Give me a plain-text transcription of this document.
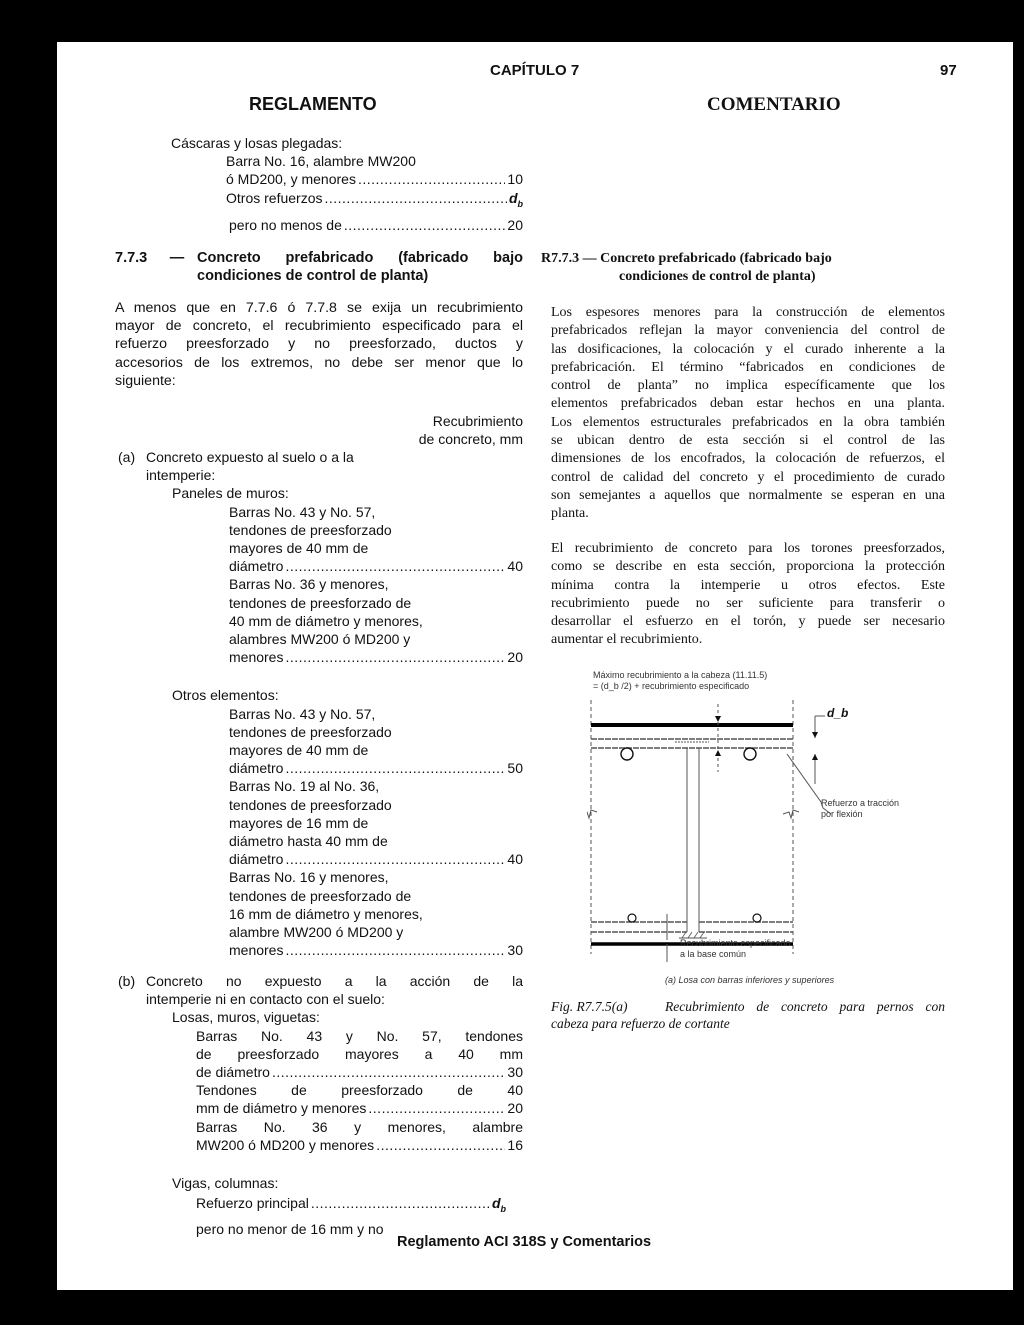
CAPÍTULO 7	97
REGLAMENTO	COMENTARIO
Cáscaras y losas plegadas:
Barra No. 16, alambre MW200
ó MD200, y menores .....	10
Otros refuerzos .....	$d_b$
pero no menos de .....	20
7.7.3	— Concreto prefabricado (fabricado bajo
condiciones de control de planta)
A menos que en 7.7.6 ó 7.7.8 se exija un recubrimiento
mayor de concreto, el recubrimiento especificado para el
refuerzo preesforzado y no preesforzado, ductos y
accesorios de los extremos, no debe ser menor que lo
siguiente:
Recubrimiento
de concreto, mm
(a) Concreto expuesto al suelo o a la
intemperie:
Paneles de muros:
Barras No. 43 y No. 57,
tendones de preesforzado
mayores de 40 mm de
diámetro .....	40
Barras No. 36 y menores,
tendones de preesforzado de
40 mm de diámetro y menores,
alambres MW200 ó MD200 y
menores .....	20
Otros elementos:
Barras No. 43 y No. 57,
tendones de preesforzado
mayores de 40 mm de
diámetro .....	50
Barras No. 19 al No. 36,
tendones de preesforzado
mayores de 16 mm de
diámetro hasta 40 mm de
diámetro .....	40
Barras No. 16 y menores,
tendones de preesforzado de
16 mm de diámetro y menores,
alambre MW200 ó MD200 y
menores .....	30
(b) Concreto no expuesto a la acción de la
intemperie ni en contacto con el suelo:
Losas, muros, viguetas:
Barras No. 43 y No. 57, tendones
de preesforzado mayores a 40 mm
de diámetro .....	30
Tendones de preesforzado de 40
mm de diámetro y menores .....	20
Barras No. 36 y menores, alambre
MW200 ó MD200 y menores .....	16
Vigas, columnas:
Refuerzo principal .....	$d_b$
pero no menor de 16 mm y no
R7.7.3 — Concreto prefabricado (fabricado bajo
condiciones de control de planta)
Los espesores menores para la construcción de elementos
prefabricados reflejan la mayor conveniencia del control de
las dosificaciones, la colocación y el curado inherente a la
prefabricación. El término “fabricados en condiciones de
control de planta” no implica específicamente que los
elementos prefabricados deban estar hechos en una planta.
Los elementos estructurales prefabricados en la obra también
se ubican dentro de esta sección si el control de las
dimensiones de los encofrados, la colocación de refuerzos, el
control de calidad del concreto y el procedimiento de curado
son semejantes a aquellos que normalmente se esperan en una
planta.
El recubrimiento de concreto para los torones preesforzados,
como se describe en esta sección, proporciona la protección
mínima contra la intemperie u otros efectos. Este
recubrimiento puede no ser suficiente para transferir o
desarrollar el esfuerzo en el torón, y puede ser necesario
aumentar el recubrimiento.
Máximo recubrimiento a la cabeza (11.11.5)
= (d_b /2) + recubrimiento especificado
d_b
Refuerzo a tracción
por flexión
Recubrimiento especificado
a la base común
(a) Losa con barras inferiores y superiores
Fig. R7.7.5(a)	Recubrimiento de concreto para pernos con
cabeza para refuerzo de cortante
Reglamento ACI 318S y Comentarios
